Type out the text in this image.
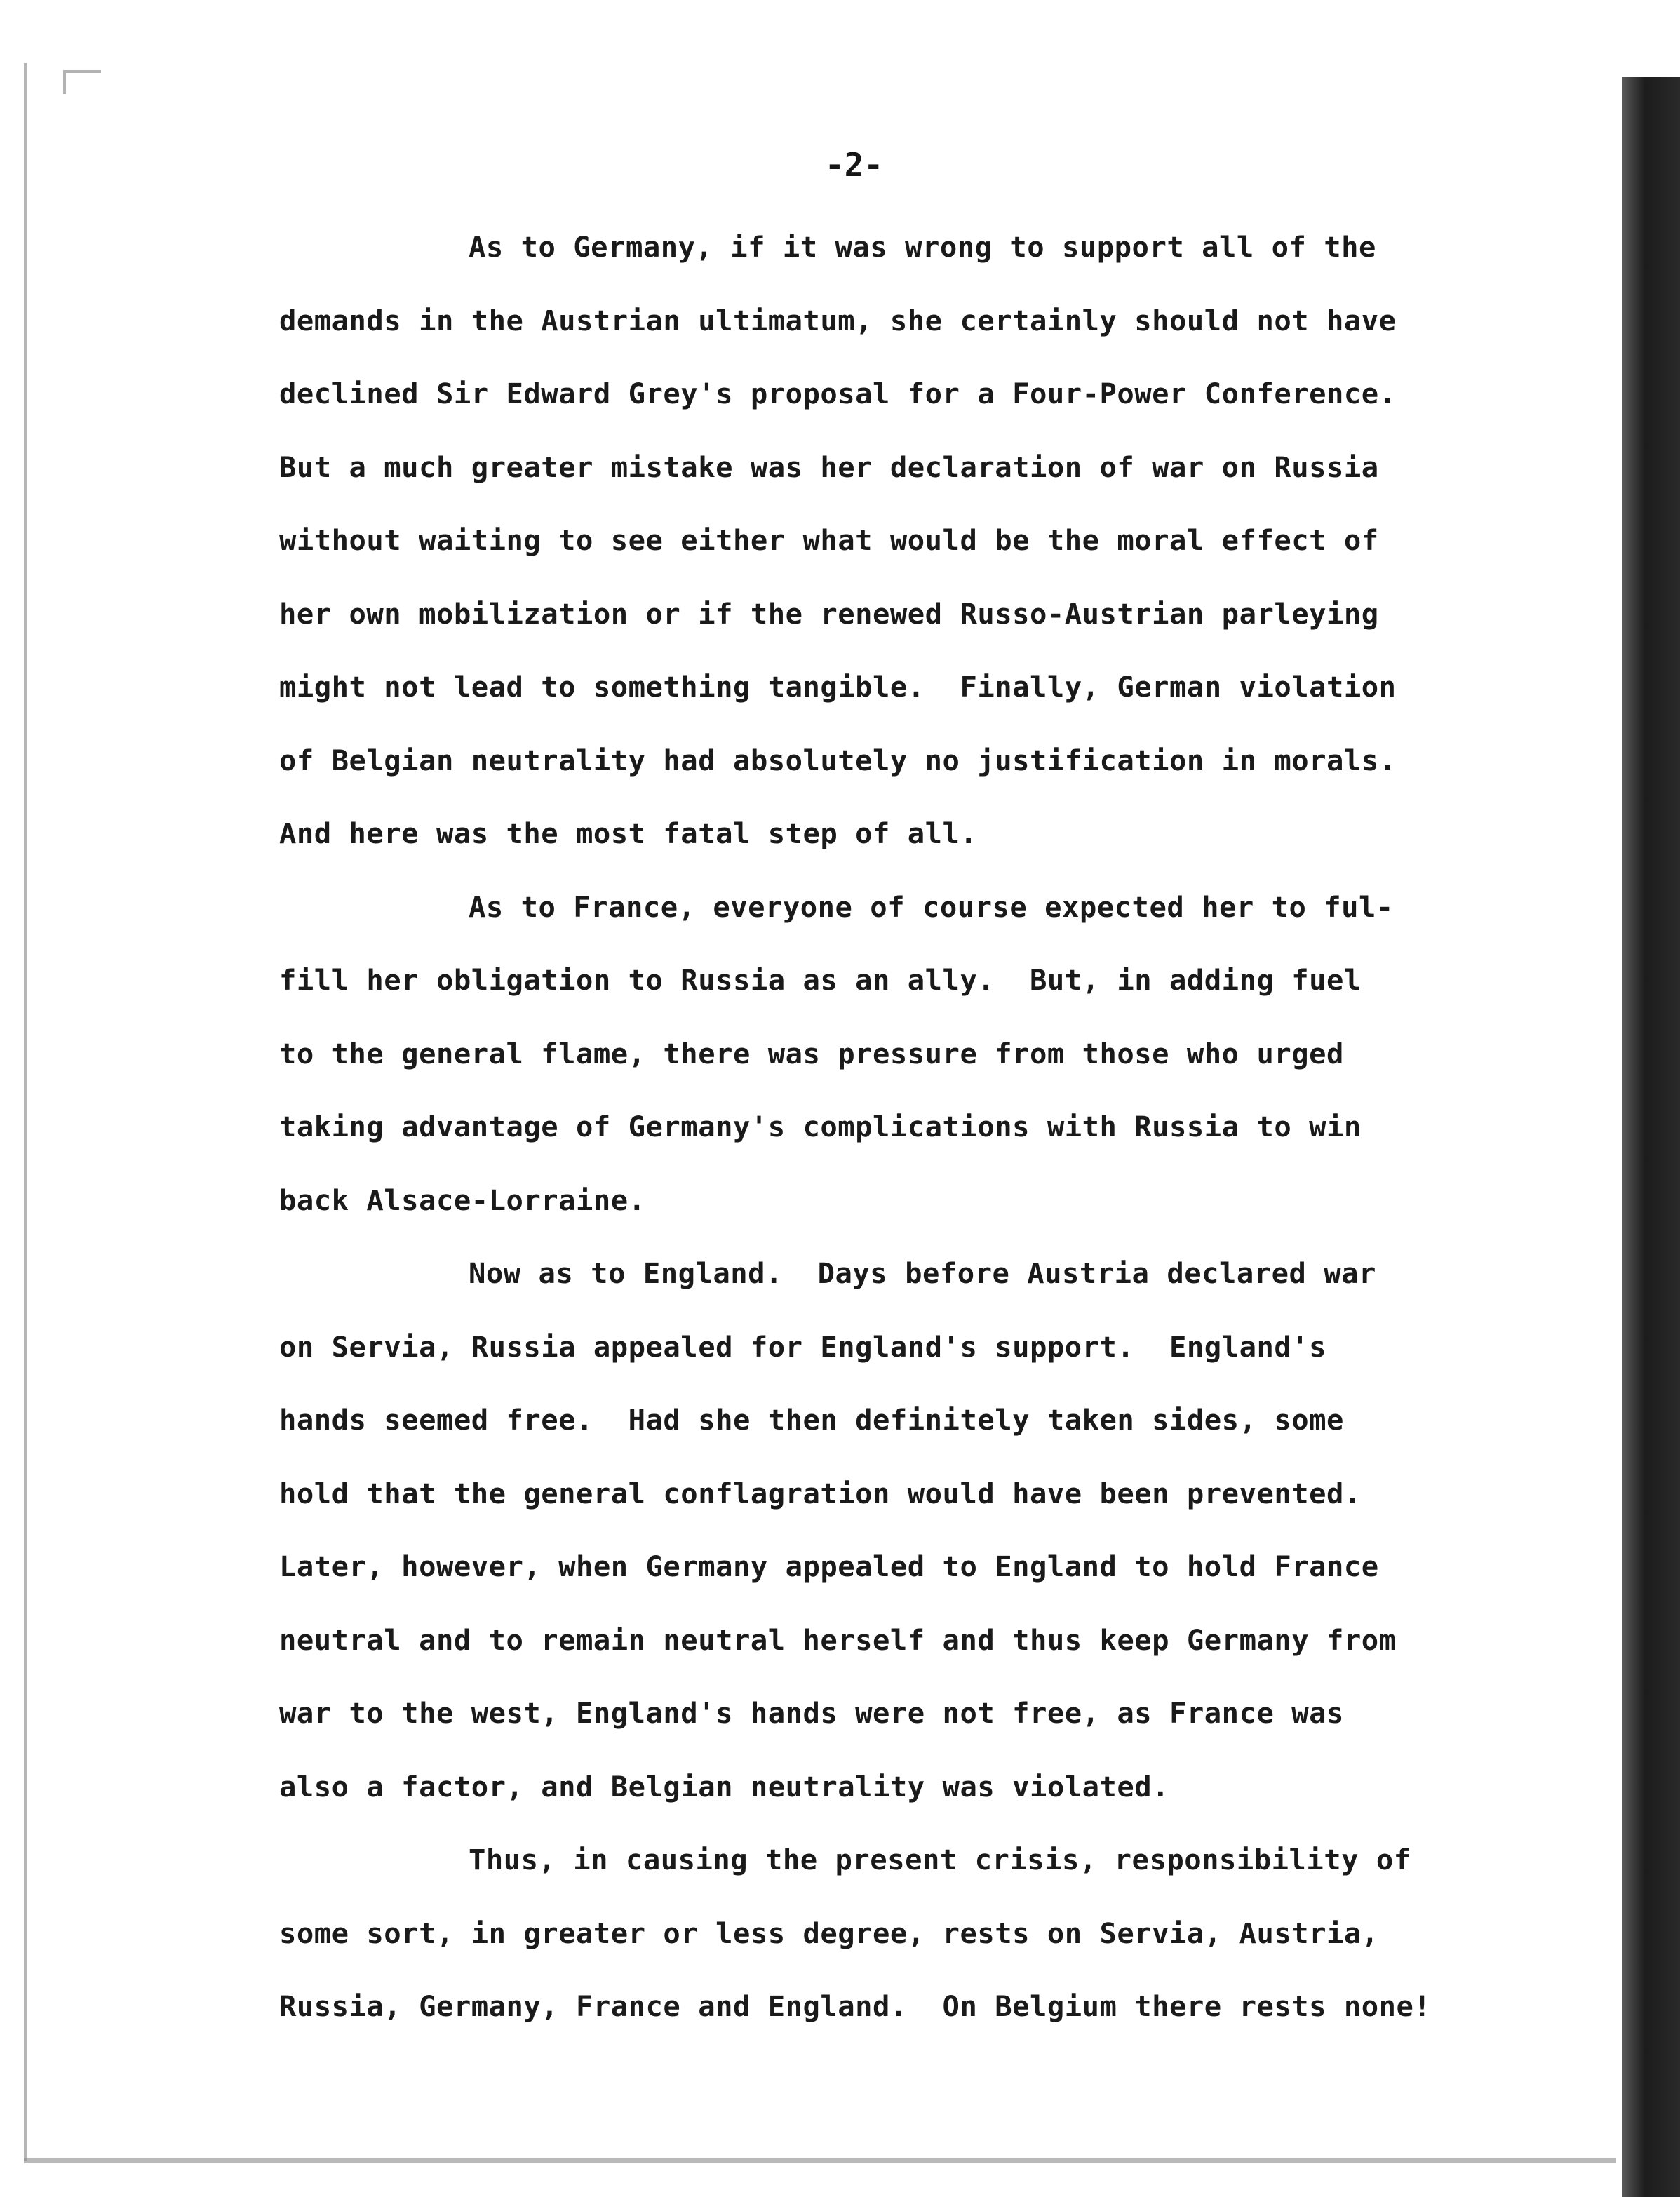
-2-
As to Germany, if it was wrong to support all of the
demands in the Austrian ultimatum, she certainly should not have
declined Sir Edward Grey's proposal for a Four-Power Conference.
But a much greater mistake was her declaration of war on Russia
without waiting to see either what would be the moral effect of
her own mobilization or if the renewed Russo-Austrian parleying
might not lead to something tangible.  Finally, German violation
of Belgian neutrality had absolutely no justification in morals.
And here was the most fatal step of all.
As to France, everyone of course expected her to ful-
fill her obligation to Russia as an ally.  But, in adding fuel
to the general flame, there was pressure from those who urged
taking advantage of Germany's complications with Russia to win
back Alsace-Lorraine.
Now as to England.  Days before Austria declared war
on Servia, Russia appealed for England's support.  England's
hands seemed free.  Had she then definitely taken sides, some
hold that the general conflagration would have been prevented.
Later, however, when Germany appealed to England to hold France
neutral and to remain neutral herself and thus keep Germany from
war to the west, England's hands were not free, as France was
also a factor, and Belgian neutrality was violated.
Thus, in causing the present crisis, responsibility of
some sort, in greater or less degree, rests on Servia, Austria,
Russia, Germany, France and England.  On Belgium there rests none!
